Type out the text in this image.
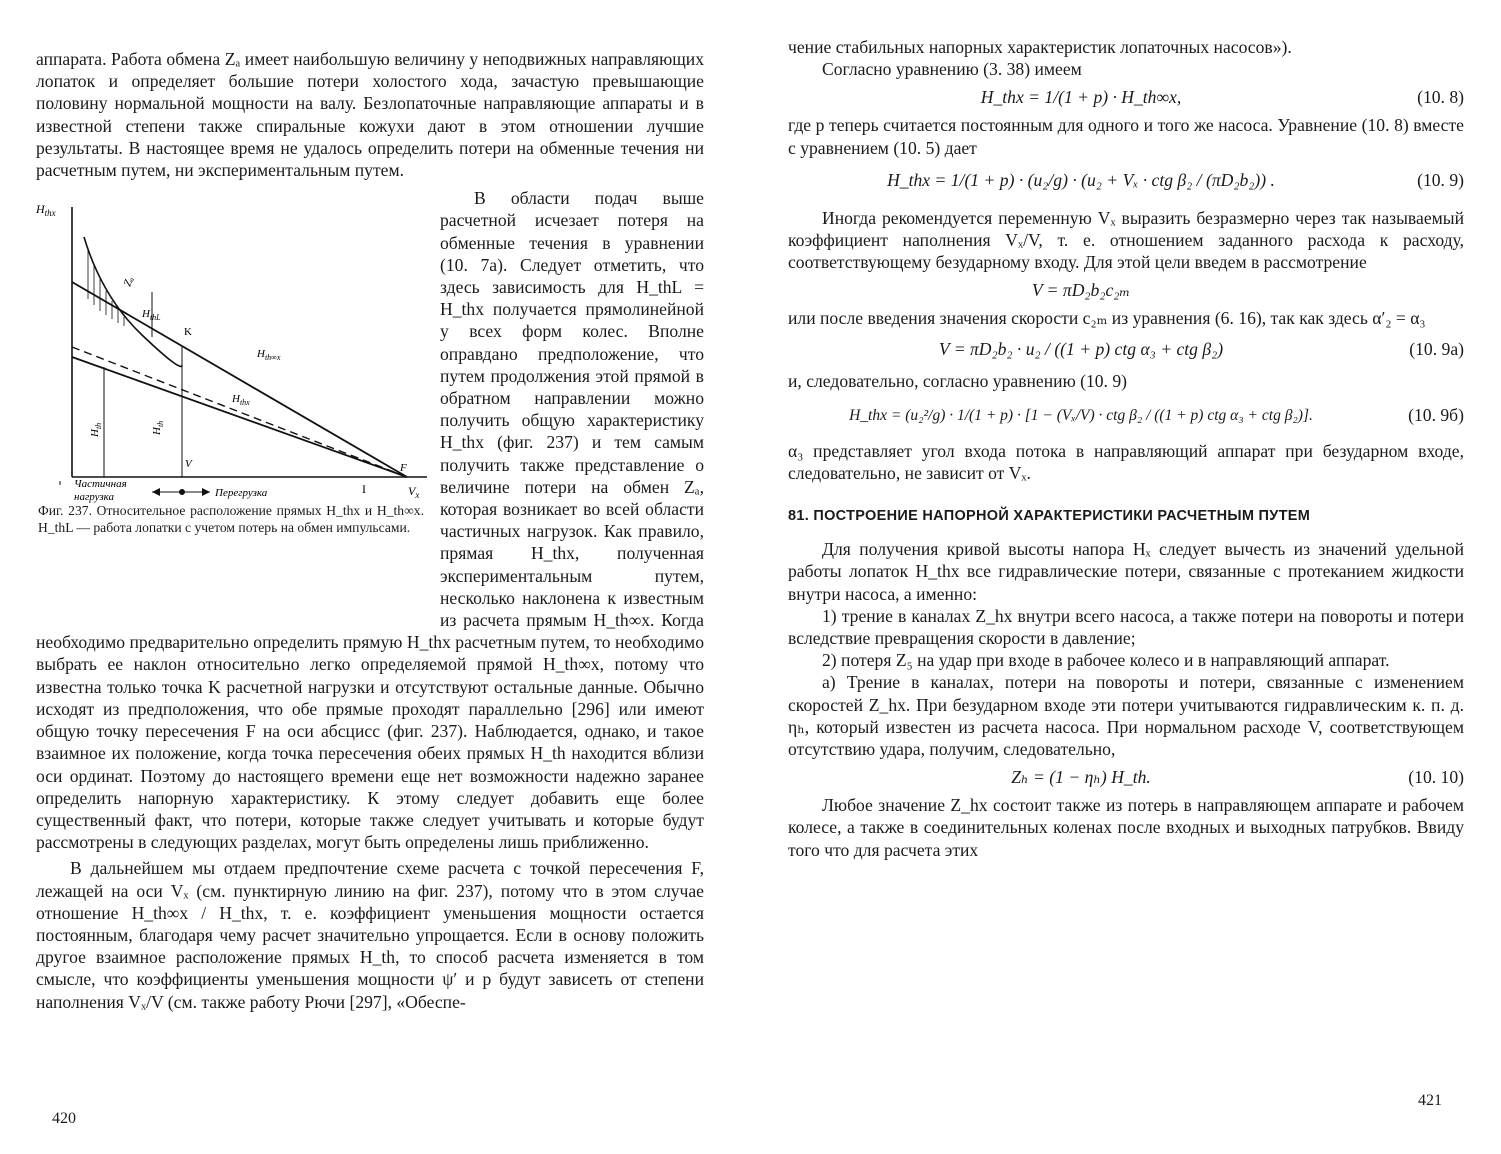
аппарата. Работа обмена Zₐ имеет наибольшую величину у неподвижных направляющих лопаток и определяет большие потери холостого хода, зачастую превышающие половину нормальной мощности на валу. Безлопаточные направляющие аппараты и в известной степени также спиральные кожухи дают в этом отношении лучшие результаты. В настоящее время не удалось определить потери на обменные течения ни расчетным путем, ни экспериментальным путем.

$H_{thx}$
Zₐ
$H_{thL}$
$H_{th\infty x}$
K
$H_{thx}$
$H_{th}$
$H_{th}$
V	F
I	$V_x$
Частичная
нагрузка	Перегрузка
Фиг. 237. Относительное расположение прямых H_thx и H_th∞x. H_thL — работа лопатки с учетом потерь на обмен импульсами.

В области подач выше расчетной исчезает потеря на обменные течения в уравнении (10. 7а). Следует отметить, что здесь зависимость для H_thL = H_thx получается прямолинейной у всех форм колес. Вполне оправдано предположение, что путем продолжения этой прямой в обратном направлении можно получить общую характеристику H_thx (фиг. 237) и тем самым получить также представление о величине потери на обмен Zₐ, которая возникает во всей области частичных нагрузок. Как правило, прямая H_thx, полученная экспериментальным путем, несколько наклонена к известным из расчета прямым H_th∞x. Когда необходимо предварительно определить прямую H_thx расчетным путем, то необходимо выбрать ее наклон относительно легко определяемой прямой H_th∞x, потому что известна только точка K расчетной нагрузки и отсутствуют остальные данные. Обычно исходят из предположения, что обе прямые проходят параллельно [296] или имеют общую точку пересечения F на оси абсцисс (фиг. 237). Наблюдается, однако, и такое взаимное их положение, когда точка пересечения обеих прямых H_th находится вблизи оси ординат. Поэтому до настоящего времени еще нет возможности надежно заранее определить напорную характеристику. К этому следует добавить еще более существенный факт, что потери, которые также следует учитывать и которые будут рассмотрены в следующих разделах, могут быть определены лишь приближенно.

В дальнейшем мы отдаем предпочтение схеме расчета с точкой пересечения F, лежащей на оси Vₓ (см. пунктирную линию на фиг. 237), потому что в этом случае отношение H_th∞x / H_thx, т. е. коэффициент уменьшения мощности остается постоянным, благодаря чему расчет значительно упрощается. Если в основу положить другое взаимное расположение прямых H_th, то способ расчета изменяется в том смысле, что коэффициенты уменьшения мощности ψ′ и p будут зависеть от степени наполнения Vₓ/V (см. также работу Рючи [297], «Обеспе-

420

чение стабильных напорных характеристик лопаточных насосов»).

Согласно уравнению (3. 38) имеем

H_thx = 1/(1 + p) · H_th∞x,	(10. 8)

где p теперь считается постоянным для одного и того же насоса. Уравнение (10. 8) вместе с уравнением (10. 5) дает

H_thx = 1/(1 + p) · (u₂/g) · (u₂ + Vₓ · ctg β₂ / (πD₂b₂)) .	(10. 9)

Иногда рекомендуется переменную Vₓ выразить безразмерно через так называемый коэффициент наполнения Vₓ/V, т. е. отношением заданного расхода к расходу, соответствующему безударному входу. Для этой цели введем в рассмотрение

V = πD₂b₂c₂ₘ

или после введения значения скорости c₂ₘ из уравнения (6. 16), так как здесь α′₂ = α₃

V = πD₂b₂ · u₂ / ((1 + p) ctg α₃ + ctg β₂)	(10. 9а)

и, следовательно, согласно уравнению (10. 9)

H_thx = (u₂²/g) · 1/(1 + p) · [1 − (Vₓ/V) · ctg β₂ / ((1 + p) ctg α₃ + ctg β₂)].	(10. 9б)

α₃ представляет угол входа потока в направляющий аппарат при безударном входе, следовательно, не зависит от Vₓ.

81. ПОСТРОЕНИЕ НАПОРНОЙ ХАРАКТЕРИСТИКИ РАСЧЕТНЫМ ПУТЕМ

Для получения кривой высоты напора Hₓ следует вычесть из значений удельной работы лопаток H_thx все гидравлические потери, связанные с протеканием жидкости внутри насоса, а именно:

1) трение в каналах Z_hx внутри всего насоса, а также потери на повороты и потери вследствие превращения скорости в давление;

2) потеря Z₅ на удар при входе в рабочее колесо и в направляющий аппарат.

а) Трение в каналах, потери на повороты и потери, связанные с изменением скоростей Z_hx. При безударном входе эти потери учитываются гидравлическим к. п. д. ηₕ, который известен из расчета насоса. При нормальном расходе V, соответствующем отсутствию удара, получим, следовательно,

Zₕ = (1 − ηₕ) H_th.	(10. 10)

Любое значение Z_hx состоит также из потерь в направляющем аппарате и рабочем колесе, а также в соединительных коленах после входных и выходных патрубков. Ввиду того что для расчета этих

421
